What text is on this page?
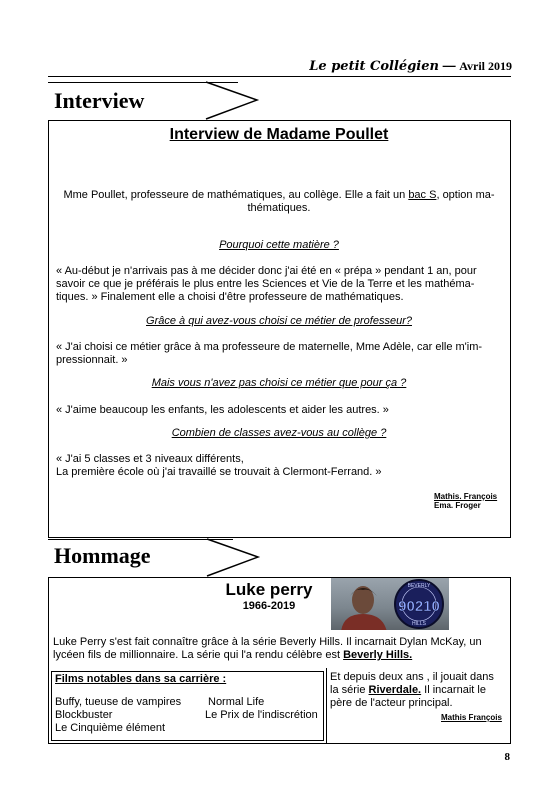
Le petit Collégien — Avril 2019
Interview
Interview de Madame Poullet
Mme Poullet, professeure de mathématiques, au collège. Elle a fait un bac S, option ma-
thématiques.
Pourquoi cette matière ?
« Au-début je n'arrivais pas à me décider donc j'ai été en « prépa » pendant 1 an, pour
savoir ce que je préférais le plus entre les Sciences et Vie de la Terre et les mathéma-
tiques. » Finalement elle a choisi d'être professeure de mathématiques.
Grâce à qui avez-vous choisi ce métier de professeur?
« J'ai choisi ce métier grâce à ma professeure de maternelle, Mme Adèle, car elle m'im-
pressionnait. »
Mais vous n'avez pas choisi ce métier que pour ça ?
« J'aime beaucoup les enfants, les adolescents et aider les autres. »
Combien de classes avez-vous au collège ?
« J'ai 5 classes et 3 niveaux différents,
La première école où j'ai travaillé se trouvait à Clermont-Ferrand. »
Mathis. François
Ema. Froger
Hommage
Luke perry
1966-2019
BEVERLY
90210
HILLS
Luke Perry s'est fait connaître grâce à la série Beverly Hills. Il incarnait Dylan McKay, un
lycéen fils de millionnaire. La série qui l'a rendu célèbre est Beverly Hills.
Films notables dans sa carrière :
Buffy, tueuse de vampires Normal Life
Blockbuster	Le Prix de l'indiscrétion
Le Cinquième élément
Et depuis deux ans , il jouait dans
la série Riverdale. Il incarnait le
père de l'acteur principal.
Mathis François
8
